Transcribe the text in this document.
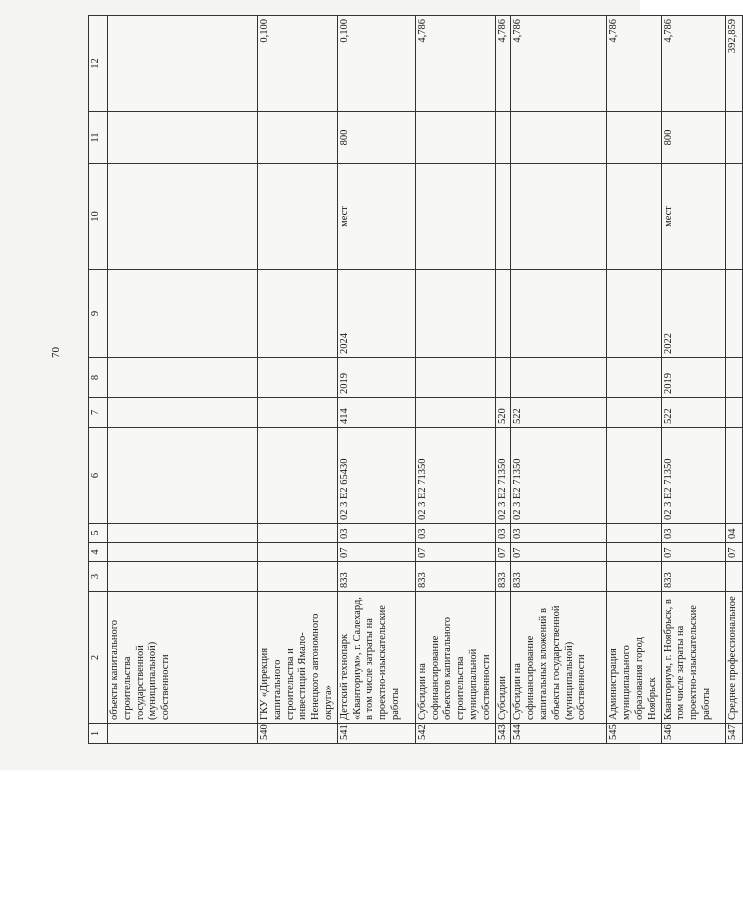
70
1	2	3	4	5	6	7	8	9	10	11	12
	объекты капитального строительства государственной (муниципальной) собственности										
540	ГКУ «Дирекция капитального строительства и инвестиций Ямало-Ненецкого автономного округа»										0,100
541	Детский технопарк «Кванториум», г. Салехард, в том числе затраты на проектно-изыскательские работы	833	07	03	02 3 E2 65430	414	2019	2024	мест	800	0,100
542	Субсидии на софинансирование объектов капитального строительства муниципальной собственности	833	07	03	02 3 E2 71350						4,786
543	Субсидии	833	07	03	02 3 E2 71350	520					4,786
544	Субсидии на софинансирование капитальных вложений в объекты государственной (муниципальной) собственности	833	07	03	02 3 E2 71350	522					4,786
545	Администрация муниципального образования город Ноябрьск										4,786
546	Кванториум, г. Ноябрьск, в том числе затраты на проектно-изыскательские работы	833	07	03	02 3 E2 71350	522	2019	2022	мест	800	4,786
547	Среднее профессиональное		07	04							392,859
